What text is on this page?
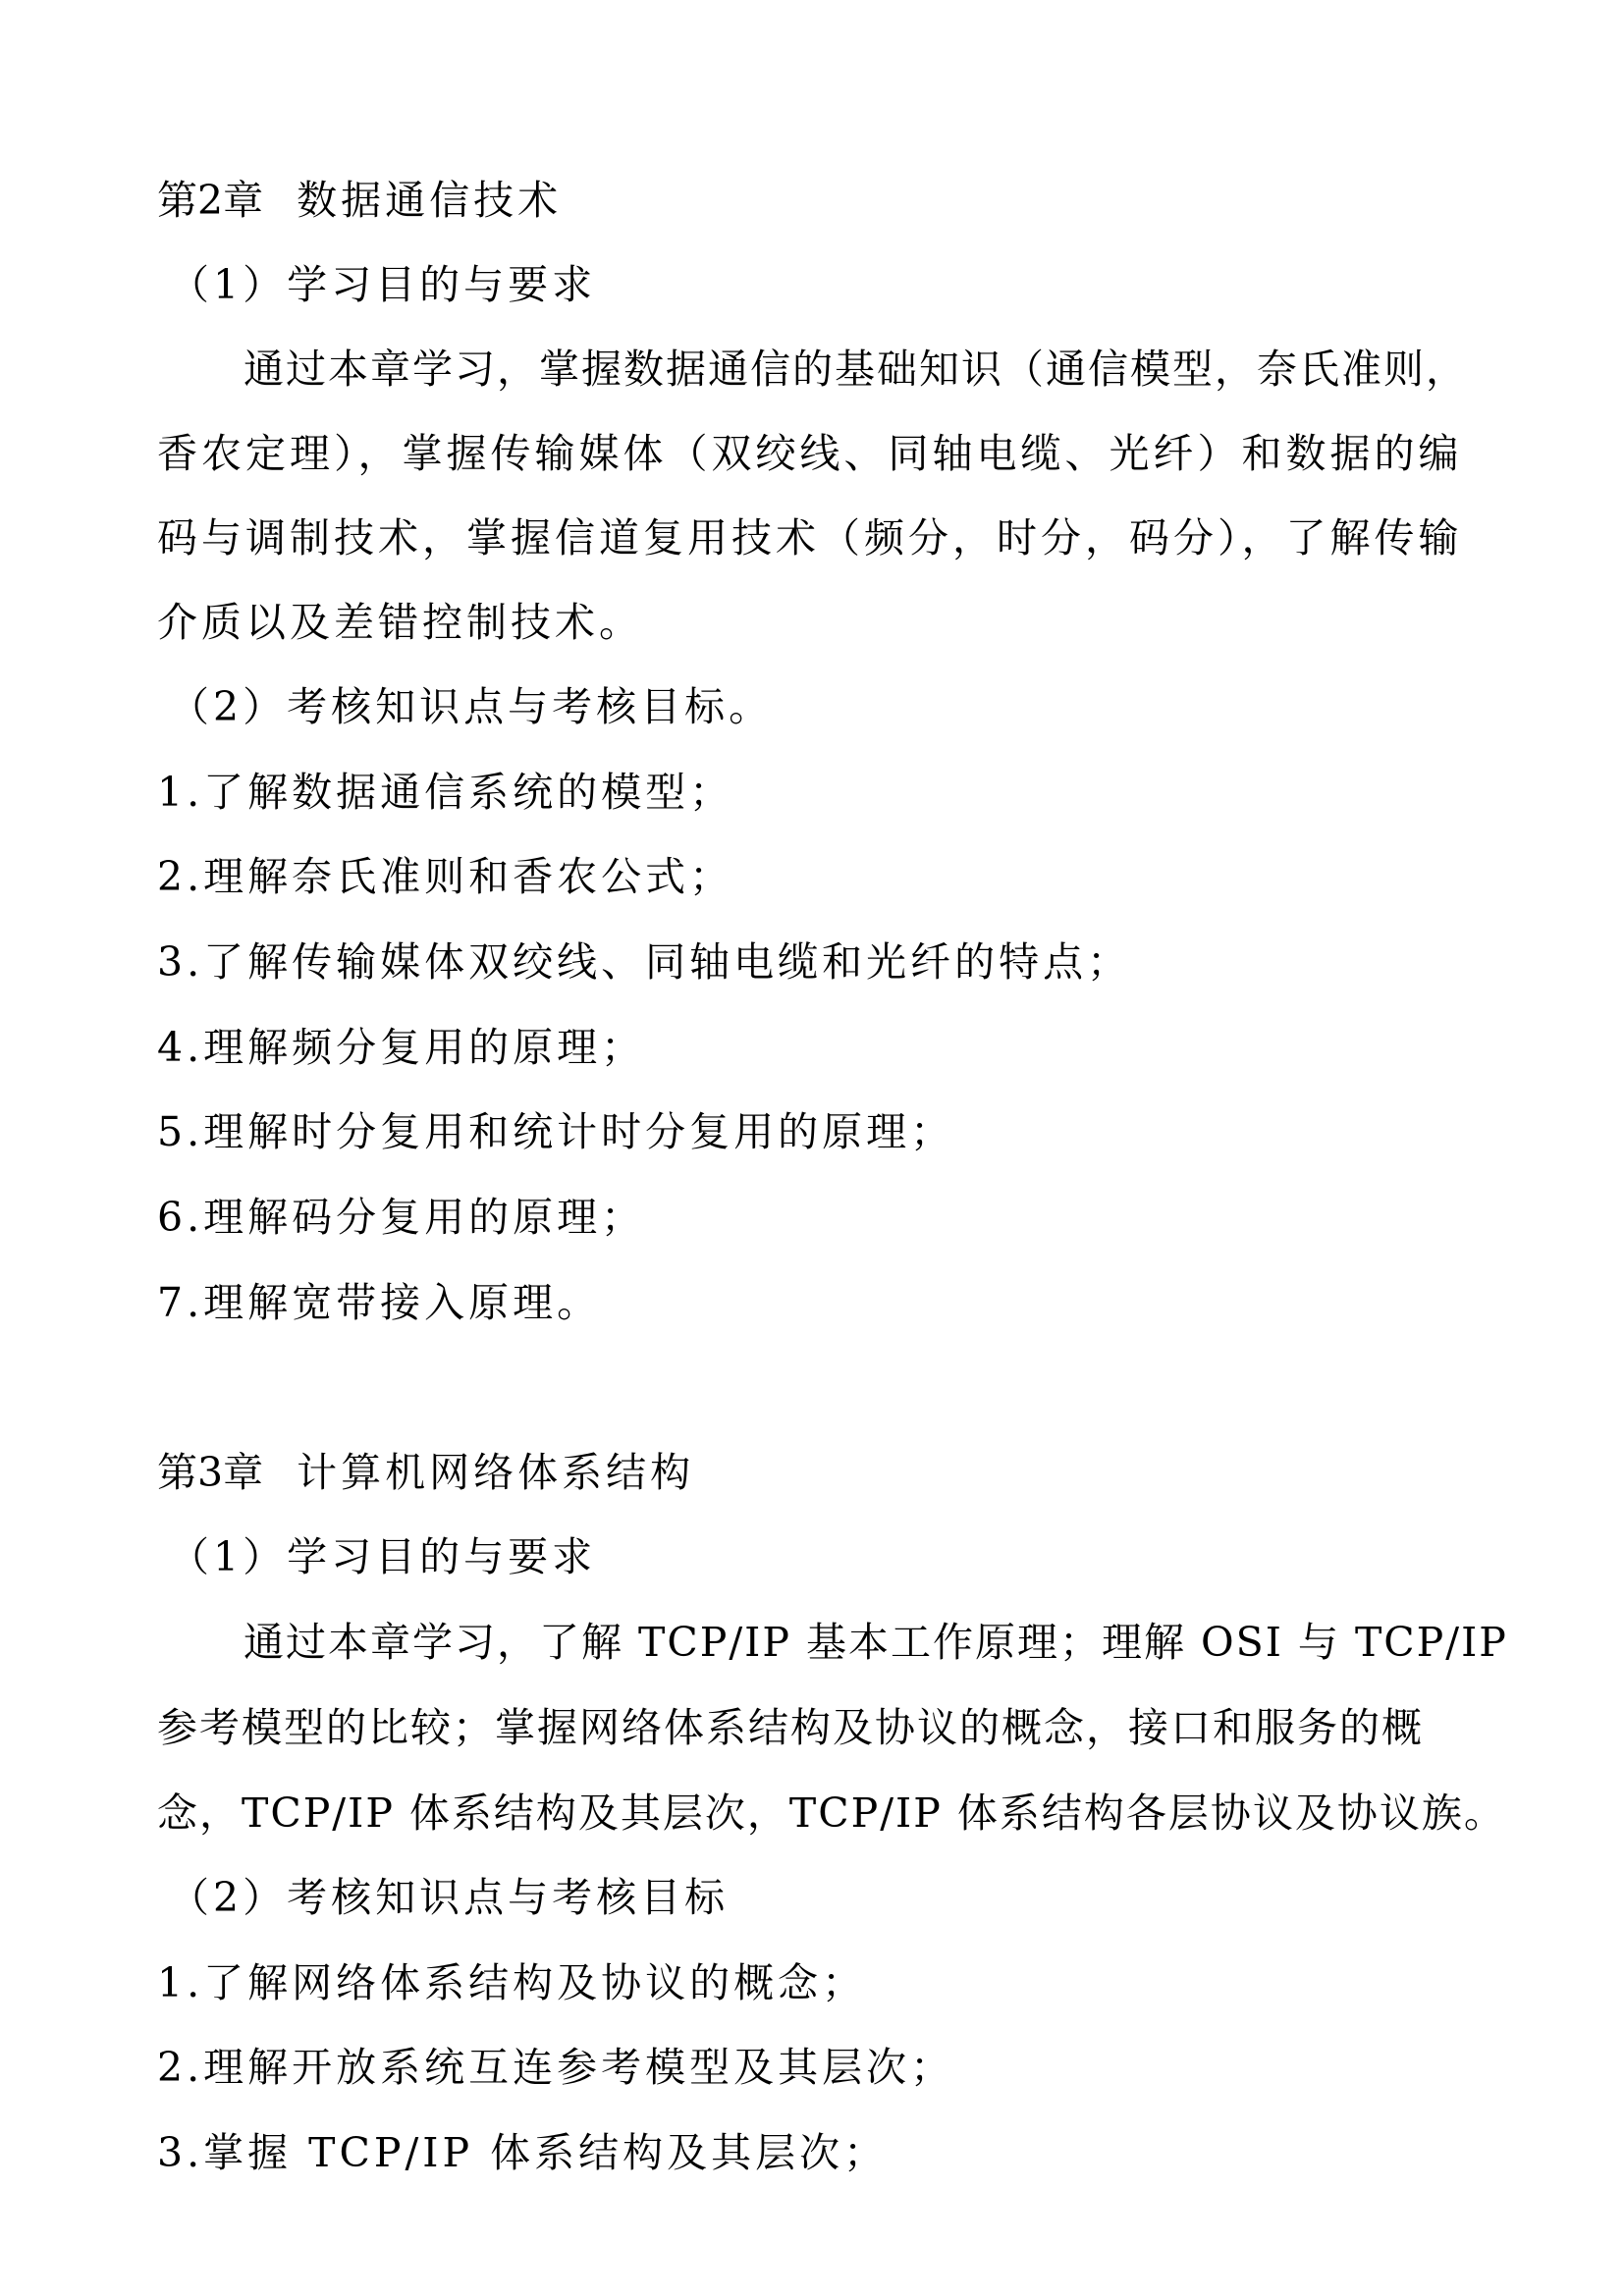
第2章 数据通信技术
（1）学习目的与要求
通过本章学习，掌握数据通信的基础知识（通信模型，奈氏准则，
香农定理），掌握传输媒体（双绞线、同轴电缆、光纤）和数据的编
码与调制技术，掌握信道复用技术（频分，时分，码分），了解传输
介质以及差错控制技术。
（2）考核知识点与考核目标。
1.了解数据通信系统的模型；
2.理解奈氏准则和香农公式；
3.了解传输媒体双绞线、同轴电缆和光纤的特点；
4.理解频分复用的原理；
5.理解时分复用和统计时分复用的原理；
6.理解码分复用的原理；
7.理解宽带接入原理。
第3章 计算机网络体系结构
（1）学习目的与要求
通过本章学习，了解 TCP/IP 基本工作原理；理解 OSI 与 TCP/IP
参考模型的比较；掌握网络体系结构及协议的概念，接口和服务的概
念，TCP/IP 体系结构及其层次，TCP/IP 体系结构各层协议及协议族。
（2）考核知识点与考核目标
1.了解网络体系结构及协议的概念；
2.理解开放系统互连参考模型及其层次；
3.掌握 TCP/IP 体系结构及其层次；
